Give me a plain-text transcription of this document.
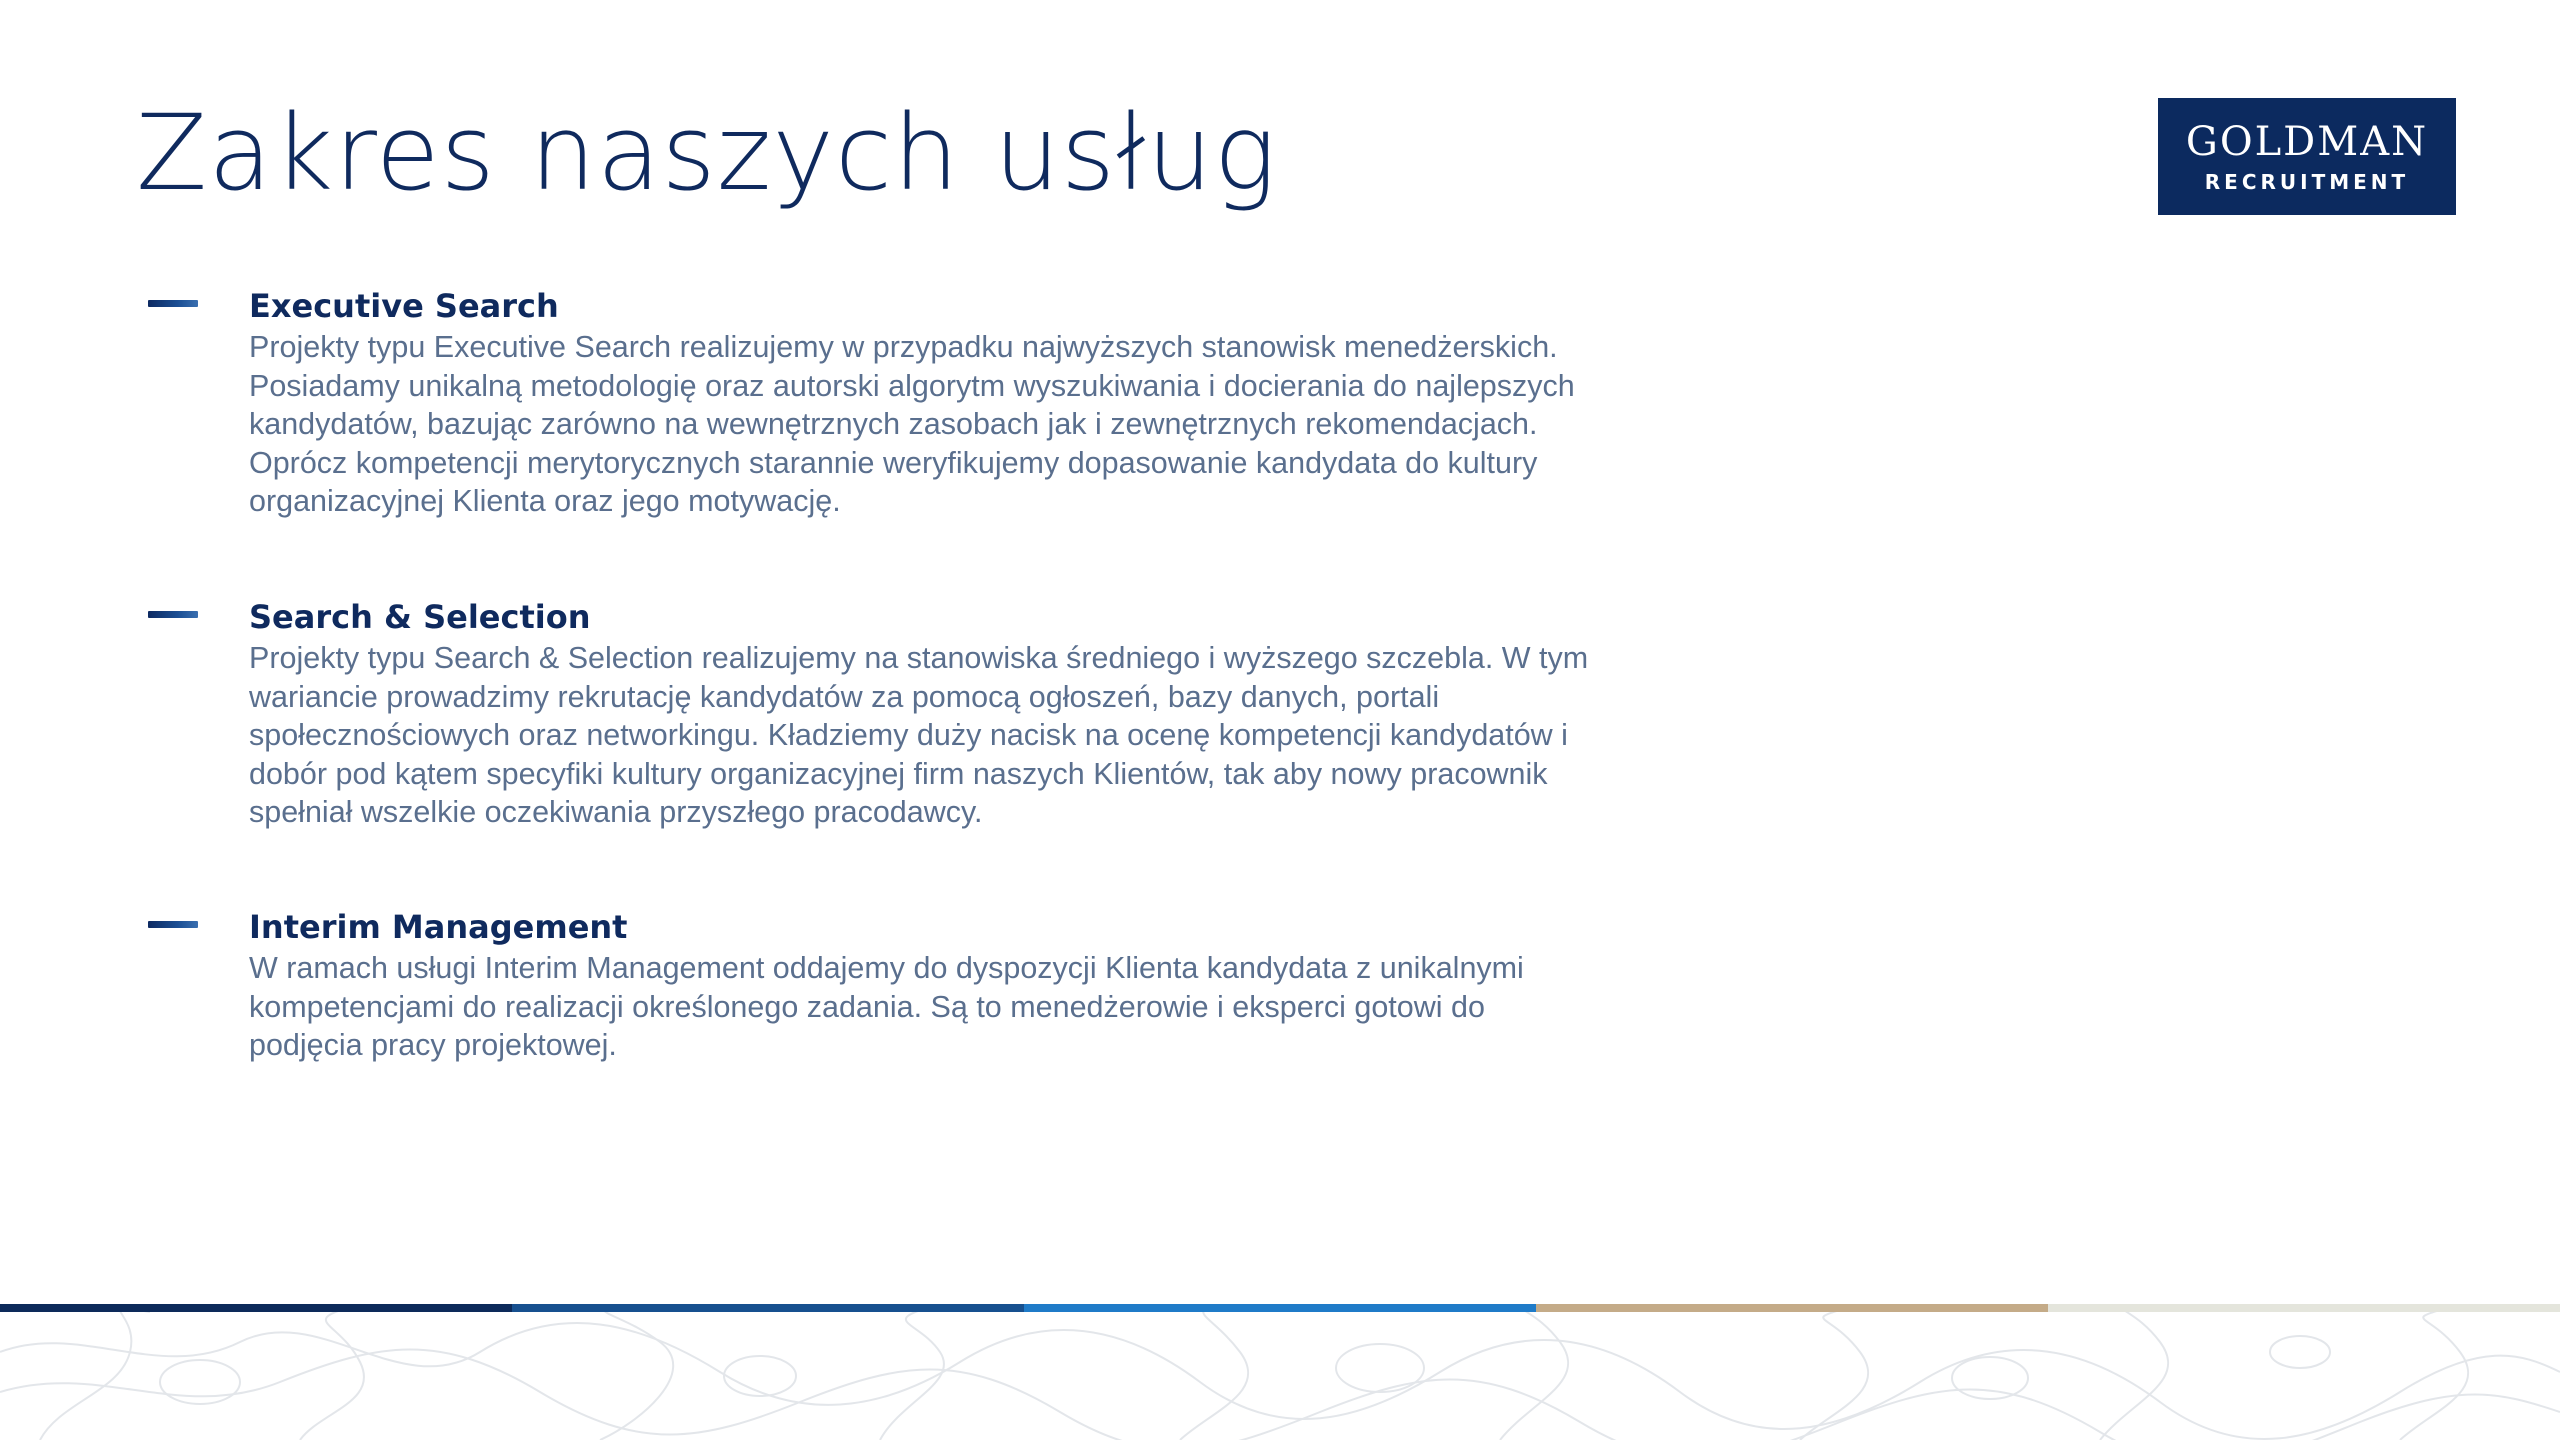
Zakres naszych usług	GOLDMAN
RECRUITMENT
Executive Search

Projekty typu Executive Search realizujemy w przypadku najwyższych stanowisk menedżerskich.
Posiadamy unikalną metodologię oraz autorski algorytm wyszukiwania i docierania do najlepszych
kandydatów, bazując zarówno na wewnętrznych zasobach jak i zewnętrznych rekomendacjach.
Oprócz kompetencji merytorycznych starannie weryfikujemy dopasowanie kandydata do kultury
organizacyjnej Klienta oraz jego motywację.

Search & Selection

Projekty typu Search & Selection realizujemy na stanowiska średniego i wyższego szczebla. W tym
wariancie prowadzimy rekrutację kandydatów za pomocą ogłoszeń, bazy danych, portali
społecznościowych oraz networkingu. Kładziemy duży nacisk na ocenę kompetencji kandydatów i
dobór pod kątem specyfiki kultury organizacyjnej firm naszych Klientów, tak aby nowy pracownik
spełniał wszelkie oczekiwania przyszłego pracodawcy.

Interim Management

W ramach usługi Interim Management oddajemy do dyspozycji Klienta kandydata z unikalnymi
kompetencjami do realizacji określonego zadania. Są to menedżerowie i eksperci gotowi do
podjęcia pracy projektowej.
